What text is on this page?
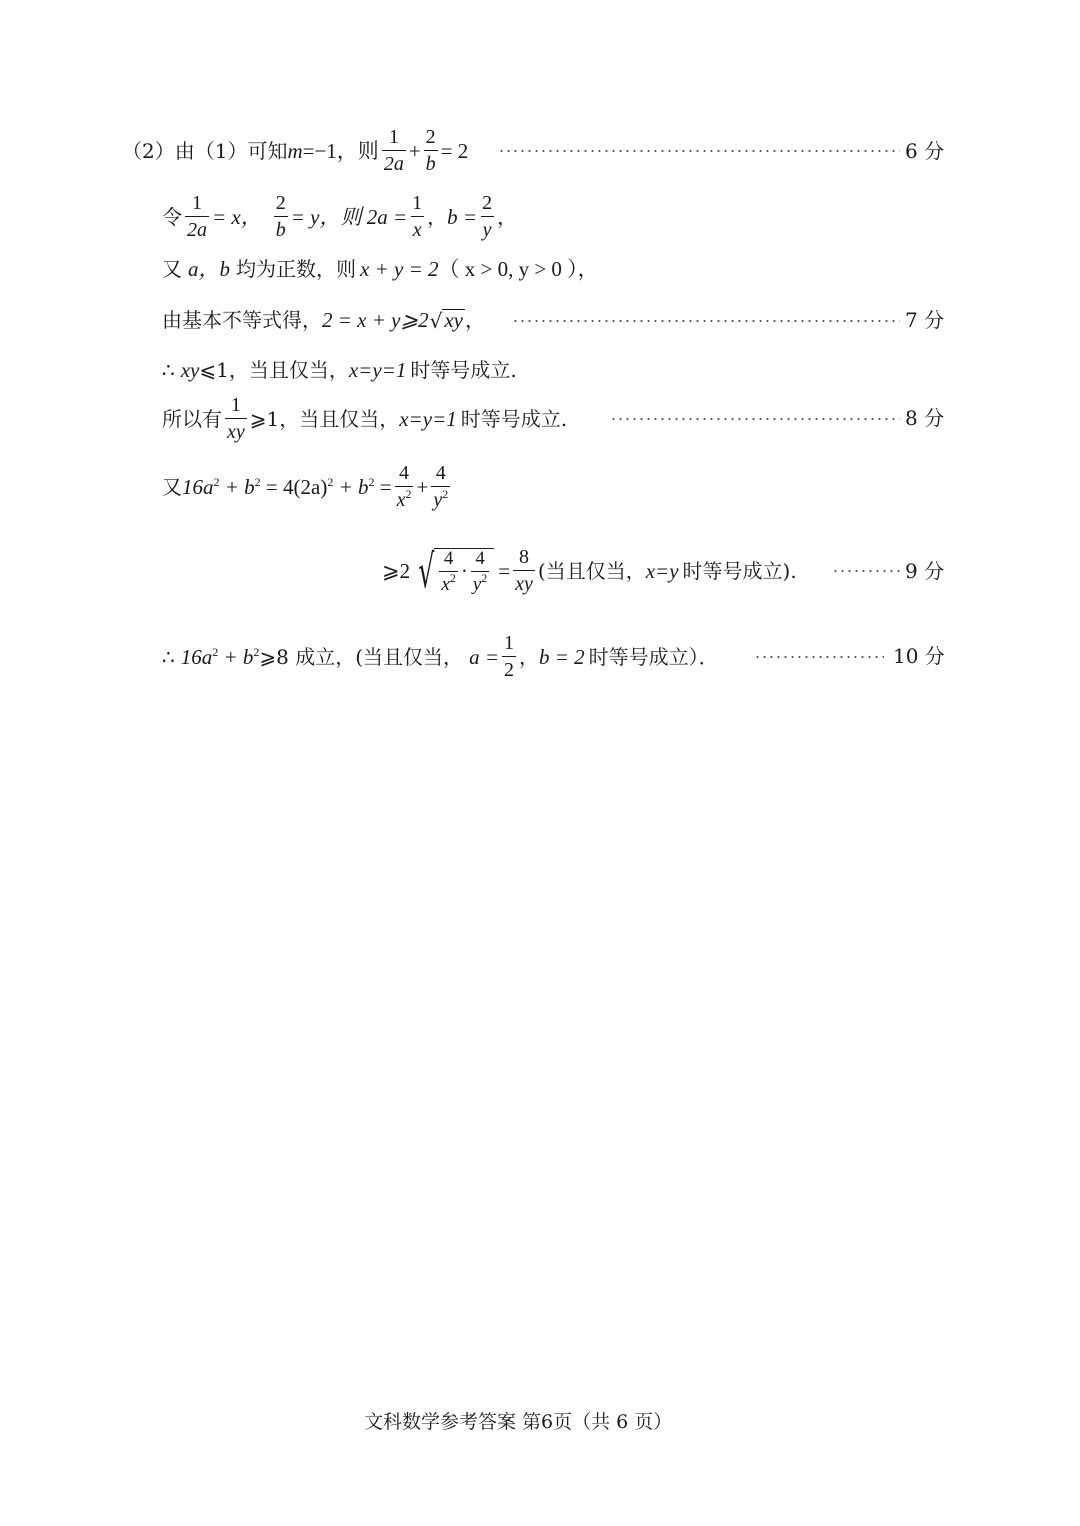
（2）由（1）可知 m =−1，则 $\frac{1}{2a} + \frac{2}{b} = 2$	6 分
令 $\frac{1}{2a} = x$， $\frac{2}{b} = y$，则 $2a = \frac{1}{x}$ ， $b = \frac{2}{y}$ ，
又 a，b 均为正数，则 x + y = 2 （ x > 0, y > 0 ），
由基本不等式得， 2 = x + y⩾2 √ xy ，	7 分
∴ xy ⩽1，当且仅当， x=y=1 时等号成立.
所以有 $\frac{1}{xy}$ ⩾1，当且仅当， x=y=1 时等号成立.	8 分
又 $16a^2 + b^2 = 4(2a)^2 + b^2 = \frac{4}{x^2} + \frac{4}{y^2}$
⩾2 √ $\frac{4}{x^2} \cdot \frac{4}{y^2} = \frac{8}{xy}$ (当且仅当， x=y 时等号成立).	9 分
∴ $16a^2 + b^2$ ⩾8 成立，(当且仅当， $a = \frac{1}{2}$ ， b = 2 时等号成立）．	10 分
文科数学参考答案 第6页（共 6 页）
